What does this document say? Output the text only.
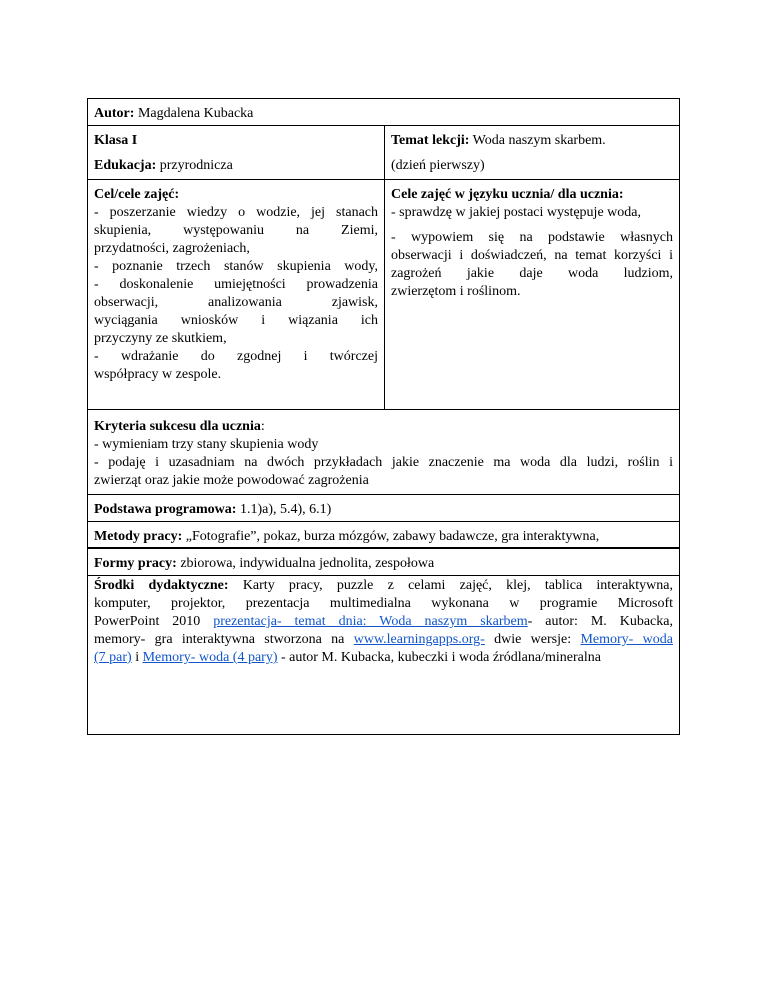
Autor: Magdalena Kubacka
Klasa I
Edukacja: przyrodnicza
Temat lekcji: Woda naszym skarbem.
(dzień pierwszy)
Cel/cele zajęć:
- poszerzanie wiedzy o wodzie, jej stanach
skupienia, występowaniu na Ziemi,
przydatności, zagrożeniach,
- poznanie trzech stanów skupienia wody,
- doskonalenie umiejętności prowadzenia
obserwacji, analizowania zjawisk,
wyciągania wniosków i wiązania ich
przyczyny ze skutkiem,
- wdrażanie do zgodnej i twórczej
współpracy w zespole.
Cele zajęć w języku ucznia/ dla ucznia:
- sprawdzę w jakiej postaci występuje woda,
- wypowiem się na podstawie własnych
obserwacji i doświadczeń, na temat korzyści i
zagrożeń jakie daje woda ludziom,
zwierzętom i roślinom.
Kryteria sukcesu dla ucznia:
- wymieniam trzy stany skupienia wody
- podaję i uzasadniam na dwóch przykładach jakie znaczenie ma woda dla ludzi, roślin i
zwierząt oraz jakie może powodować zagrożenia
Podstawa programowa: 1.1)a), 5.4), 6.1)
Metody pracy: „Fotografie”, pokaz, burza mózgów, zabawy badawcze, gra interaktywna,
Formy pracy: zbiorowa, indywidualna jednolita, zespołowa
Środki dydaktyczne: Karty pracy, puzzle z celami zajęć, klej, tablica interaktywna,
komputer, projektor, prezentacja multimedialna wykonana w programie Microsoft
PowerPoint 2010 prezentacja- temat dnia: Woda naszym skarbem- autor: M. Kubacka,
memory- gra interaktywna stworzona na www.learningapps.org- dwie wersje: Memory- woda
(7 par) i Memory- woda (4 pary) - autor M. Kubacka, kubeczki i woda źródlana/mineralna
